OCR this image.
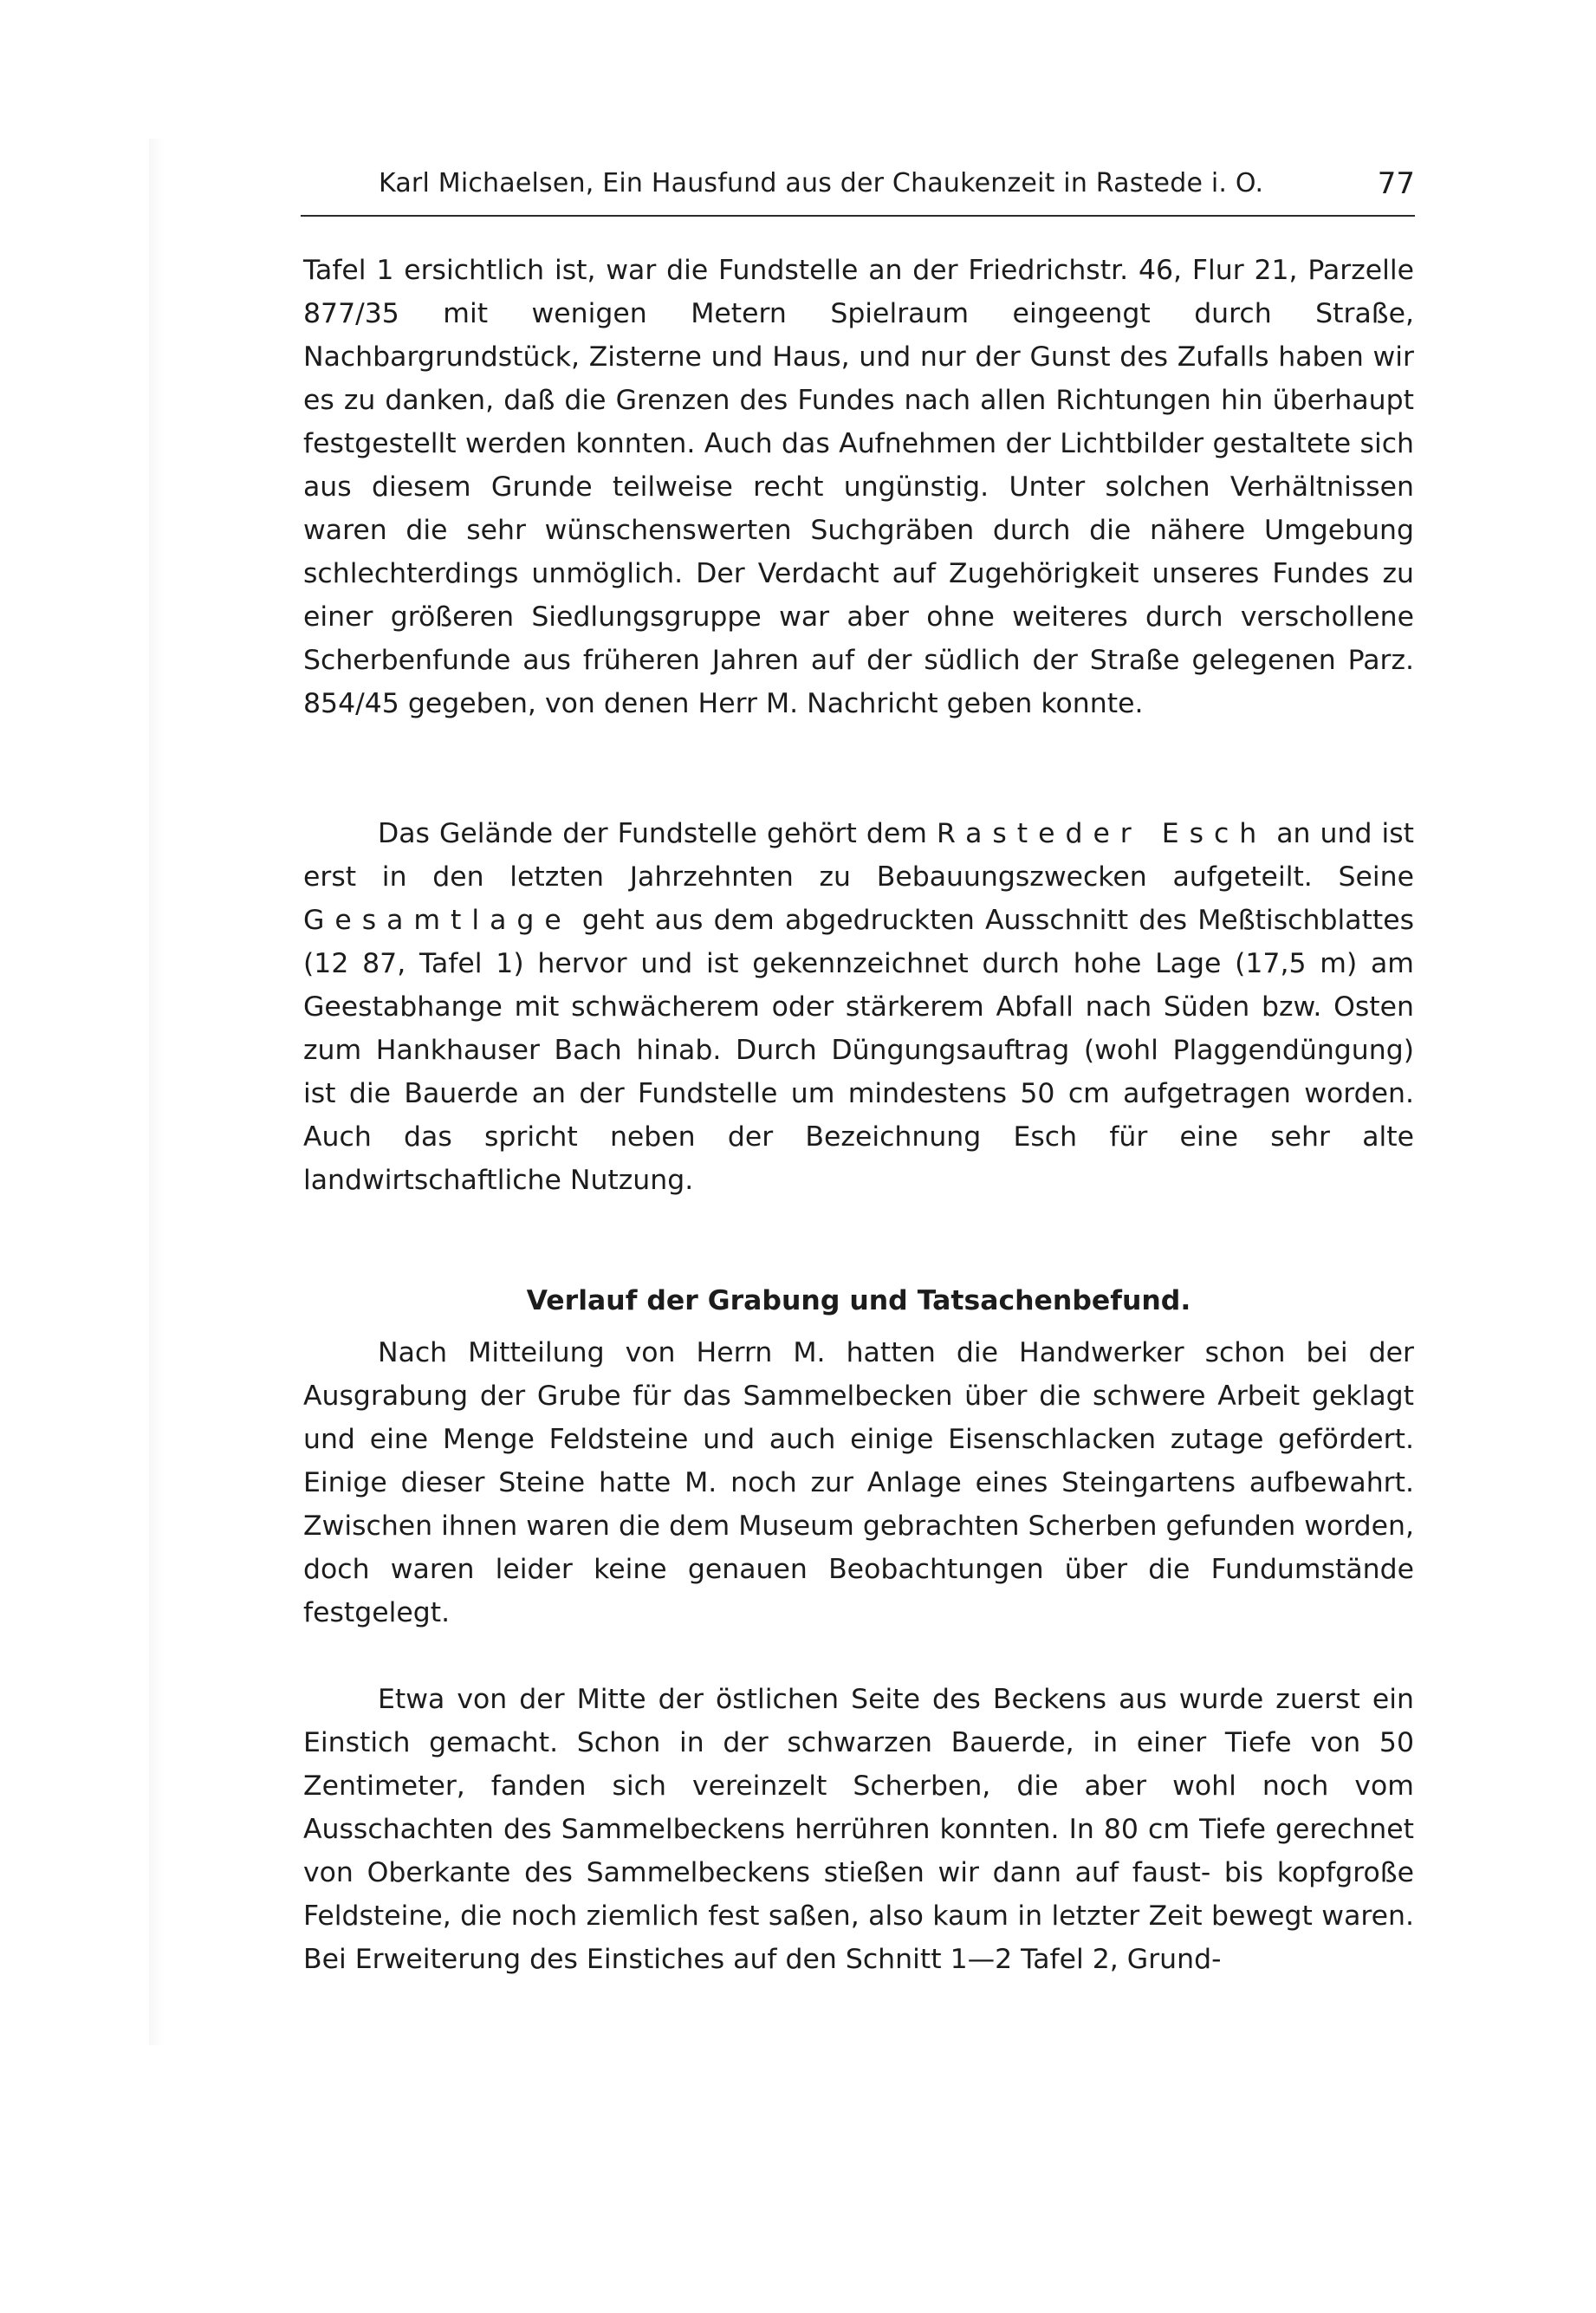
Karl Michaelsen, Ein Hausfund aus der Chaukenzeit in Rastede i. O.	77

Tafel 1 ersichtlich ist, war die Fundstelle an der Friedrichstr. 46, Flur 21, Parzelle 877/35 mit wenigen Metern Spielraum eingeengt durch Straße, Nachbargrundstück, Zisterne und Haus, und nur der Gunst des Zufalls haben wir es zu danken, daß die Grenzen des Fundes nach allen Richtungen hin überhaupt festgestellt werden konnten. Auch das Aufnehmen der Lichtbilder gestaltete sich aus diesem Grunde teilweise recht ungünstig. Unter solchen Verhältnissen waren die sehr wünschenswerten Suchgräben durch die nähere Umgebung schlechterdings unmöglich. Der Verdacht auf Zugehörigkeit unseres Fundes zu einer größeren Siedlungsgruppe war aber ohne weiteres durch verschollene Scherbenfunde aus früheren Jahren auf der südlich der Straße gelegenen Parz. 854/45 gegeben, von denen Herr M. Nachricht geben konnte.

Das Gelände der Fundstelle gehört dem Rasteder Esch an und ist erst in den letzten Jahrzehnten zu Bebauungszwecken aufgeteilt. Seine Gesamtlage geht aus dem abgedruckten Ausschnitt des Meßtischblattes (12 87, Tafel 1) hervor und ist gekennzeichnet durch hohe Lage (17,5 m) am Geestabhange mit schwächerem oder stärkerem Abfall nach Süden bzw. Osten zum Hankhauser Bach hinab. Durch Düngungsauftrag (wohl Plaggendüngung) ist die Bauerde an der Fundstelle um mindestens 50 cm aufgetragen worden. Auch das spricht neben der Bezeichnung Esch für eine sehr alte landwirtschaftliche Nutzung.

Verlauf der Grabung und Tatsachenbefund.

Nach Mitteilung von Herrn M. hatten die Handwerker schon bei der Ausgrabung der Grube für das Sammelbecken über die schwere Arbeit geklagt und eine Menge Feldsteine und auch einige Eisenschlacken zutage gefördert. Einige dieser Steine hatte M. noch zur Anlage eines Steingartens aufbewahrt. Zwischen ihnen waren die dem Museum gebrachten Scherben gefunden worden, doch waren leider keine genauen Beobachtungen über die Fundumstände festgelegt.

Etwa von der Mitte der östlichen Seite des Beckens aus wurde zuerst ein Einstich gemacht. Schon in der schwarzen Bauerde, in einer Tiefe von 50 Zentimeter, fanden sich vereinzelt Scherben, die aber wohl noch vom Ausschachten des Sammelbeckens herrühren konnten. In 80 cm Tiefe gerechnet von Oberkante des Sammelbeckens stießen wir dann auf faust- bis kopfgroße Feldsteine, die noch ziemlich fest saßen, also kaum in letzter Zeit bewegt waren. Bei Erweiterung des Einstiches auf den Schnitt 1—2 Tafel 2, Grund-
